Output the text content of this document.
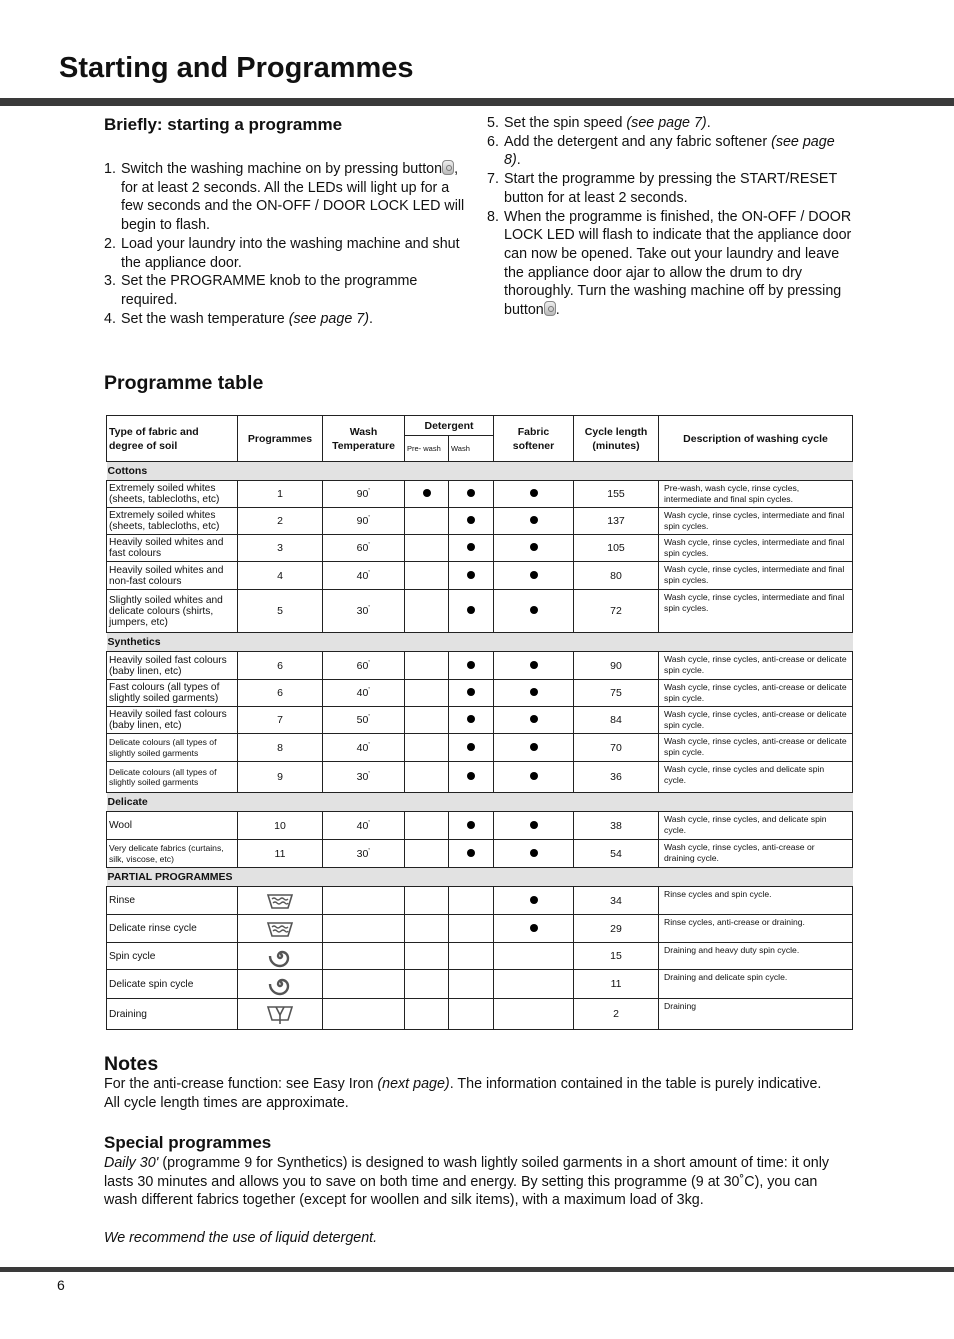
Starting and Programmes
Briefly: starting a programme
1. Switch the washing machine on by pressing button , for at least 2 seconds. All the LEDs will light up for a few seconds and the ON-OFF / DOOR LOCK LED will begin to flash.
2. Load your laundry into the washing machine and shut the appliance door.
3. Set the PROGRAMME knob to the programme required.
4. Set the wash temperature (see page 7).
5. Set the spin speed (see page 7).
6. Add the detergent and any fabric softener (see page 8).
7. Start the programme by pressing the START/RESET button for at least 2 seconds.
8. When the programme is finished, the ON-OFF / DOOR LOCK LED will flash to indicate that the appliance door can now be opened. Take out your laundry and leave the appliance door ajar to allow the drum to dry thoroughly. Turn the washing machine off by pressing button .
Programme table
Type of fabric and degree of soil	Programmes	Wash Temperature	Detergent		Fabric softener	Cycle length (minutes)	Description of washing cycle
			Pre- wash	Wash			
Cottons							
Extremely soiled whites (sheets, tablecloths, etc)	1	90˚				155	Pre-wash, wash cycle, rinse cycles, intermediate and final spin cycles.
Extremely soiled whites (sheets, tablecloths, etc)	2	90˚				137	Wash cycle, rinse cycles, intermediate and final spin cycles.
Heavily soiled whites and fast colours	3	60˚				105	Wash cycle, rinse cycles, intermediate and final spin cycles.
Heavily soiled whites and non-fast colours	4	40˚				80	Wash cycle, rinse cycles, intermediate and final spin cycles.
Slightly soiled whites and delicate colours (shirts, jumpers, etc)	5	30˚				72	Wash cycle, rinse cycles, intermediate and final spin cycles.
Synthetics							
Heavily soiled fast colours (baby linen, etc)	6	60˚				90	Wash cycle, rinse cycles, anti-crease or delicate spin cycle.
Fast colours (all types of slightly soiled garments)	6	40˚				75	Wash cycle, rinse cycles, anti-crease or delicate spin cycle.
Heavily soiled fast colours (baby linen, etc)	7	50˚				84	Wash cycle, rinse cycles, anti-crease or delicate spin cycle.
Delicate colours (all types of slightly soiled garments	8	40˚				70	Wash cycle, rinse cycles, anti-crease or delicate spin cycle.
Delicate colours (all types of slightly soiled garments	9	30˚				36	Wash cycle, rinse cycles and delicate spin cycle.
Delicate							
Wool	10	40˚				38	Wash cycle, rinse cycles, and delicate spin cycle.
Very delicate fabrics (curtains, silk, viscose, etc)	11	30˚				54	Wash cycle, rinse cycles, anti-crease or draining cycle.
PARTIAL PROGRAMMES							
Rinse						34	Rinse cycles and spin cycle.
Delicate rinse cycle						29	Rinse cycles, anti-crease or draining.
Spin cycle						15	Draining and heavy duty spin cycle.
Delicate spin cycle						11	Draining and delicate spin cycle.
Draining						2	Draining
Notes
For the anti-crease function: see Easy Iron (next page). The information contained in the table is purely indicative. All cycle length times are approximate.
Special programmes
Daily 30' (programme 9 for Synthetics) is designed to wash lightly soiled garments in a short amount of time: it only lasts 30 minutes and allows you to save on both time and energy. By setting this programme (9 at 30˚C), you can wash different fabrics together (except for woollen and silk items), with a maximum load of 3kg.
We recommend the use of liquid detergent.
6
